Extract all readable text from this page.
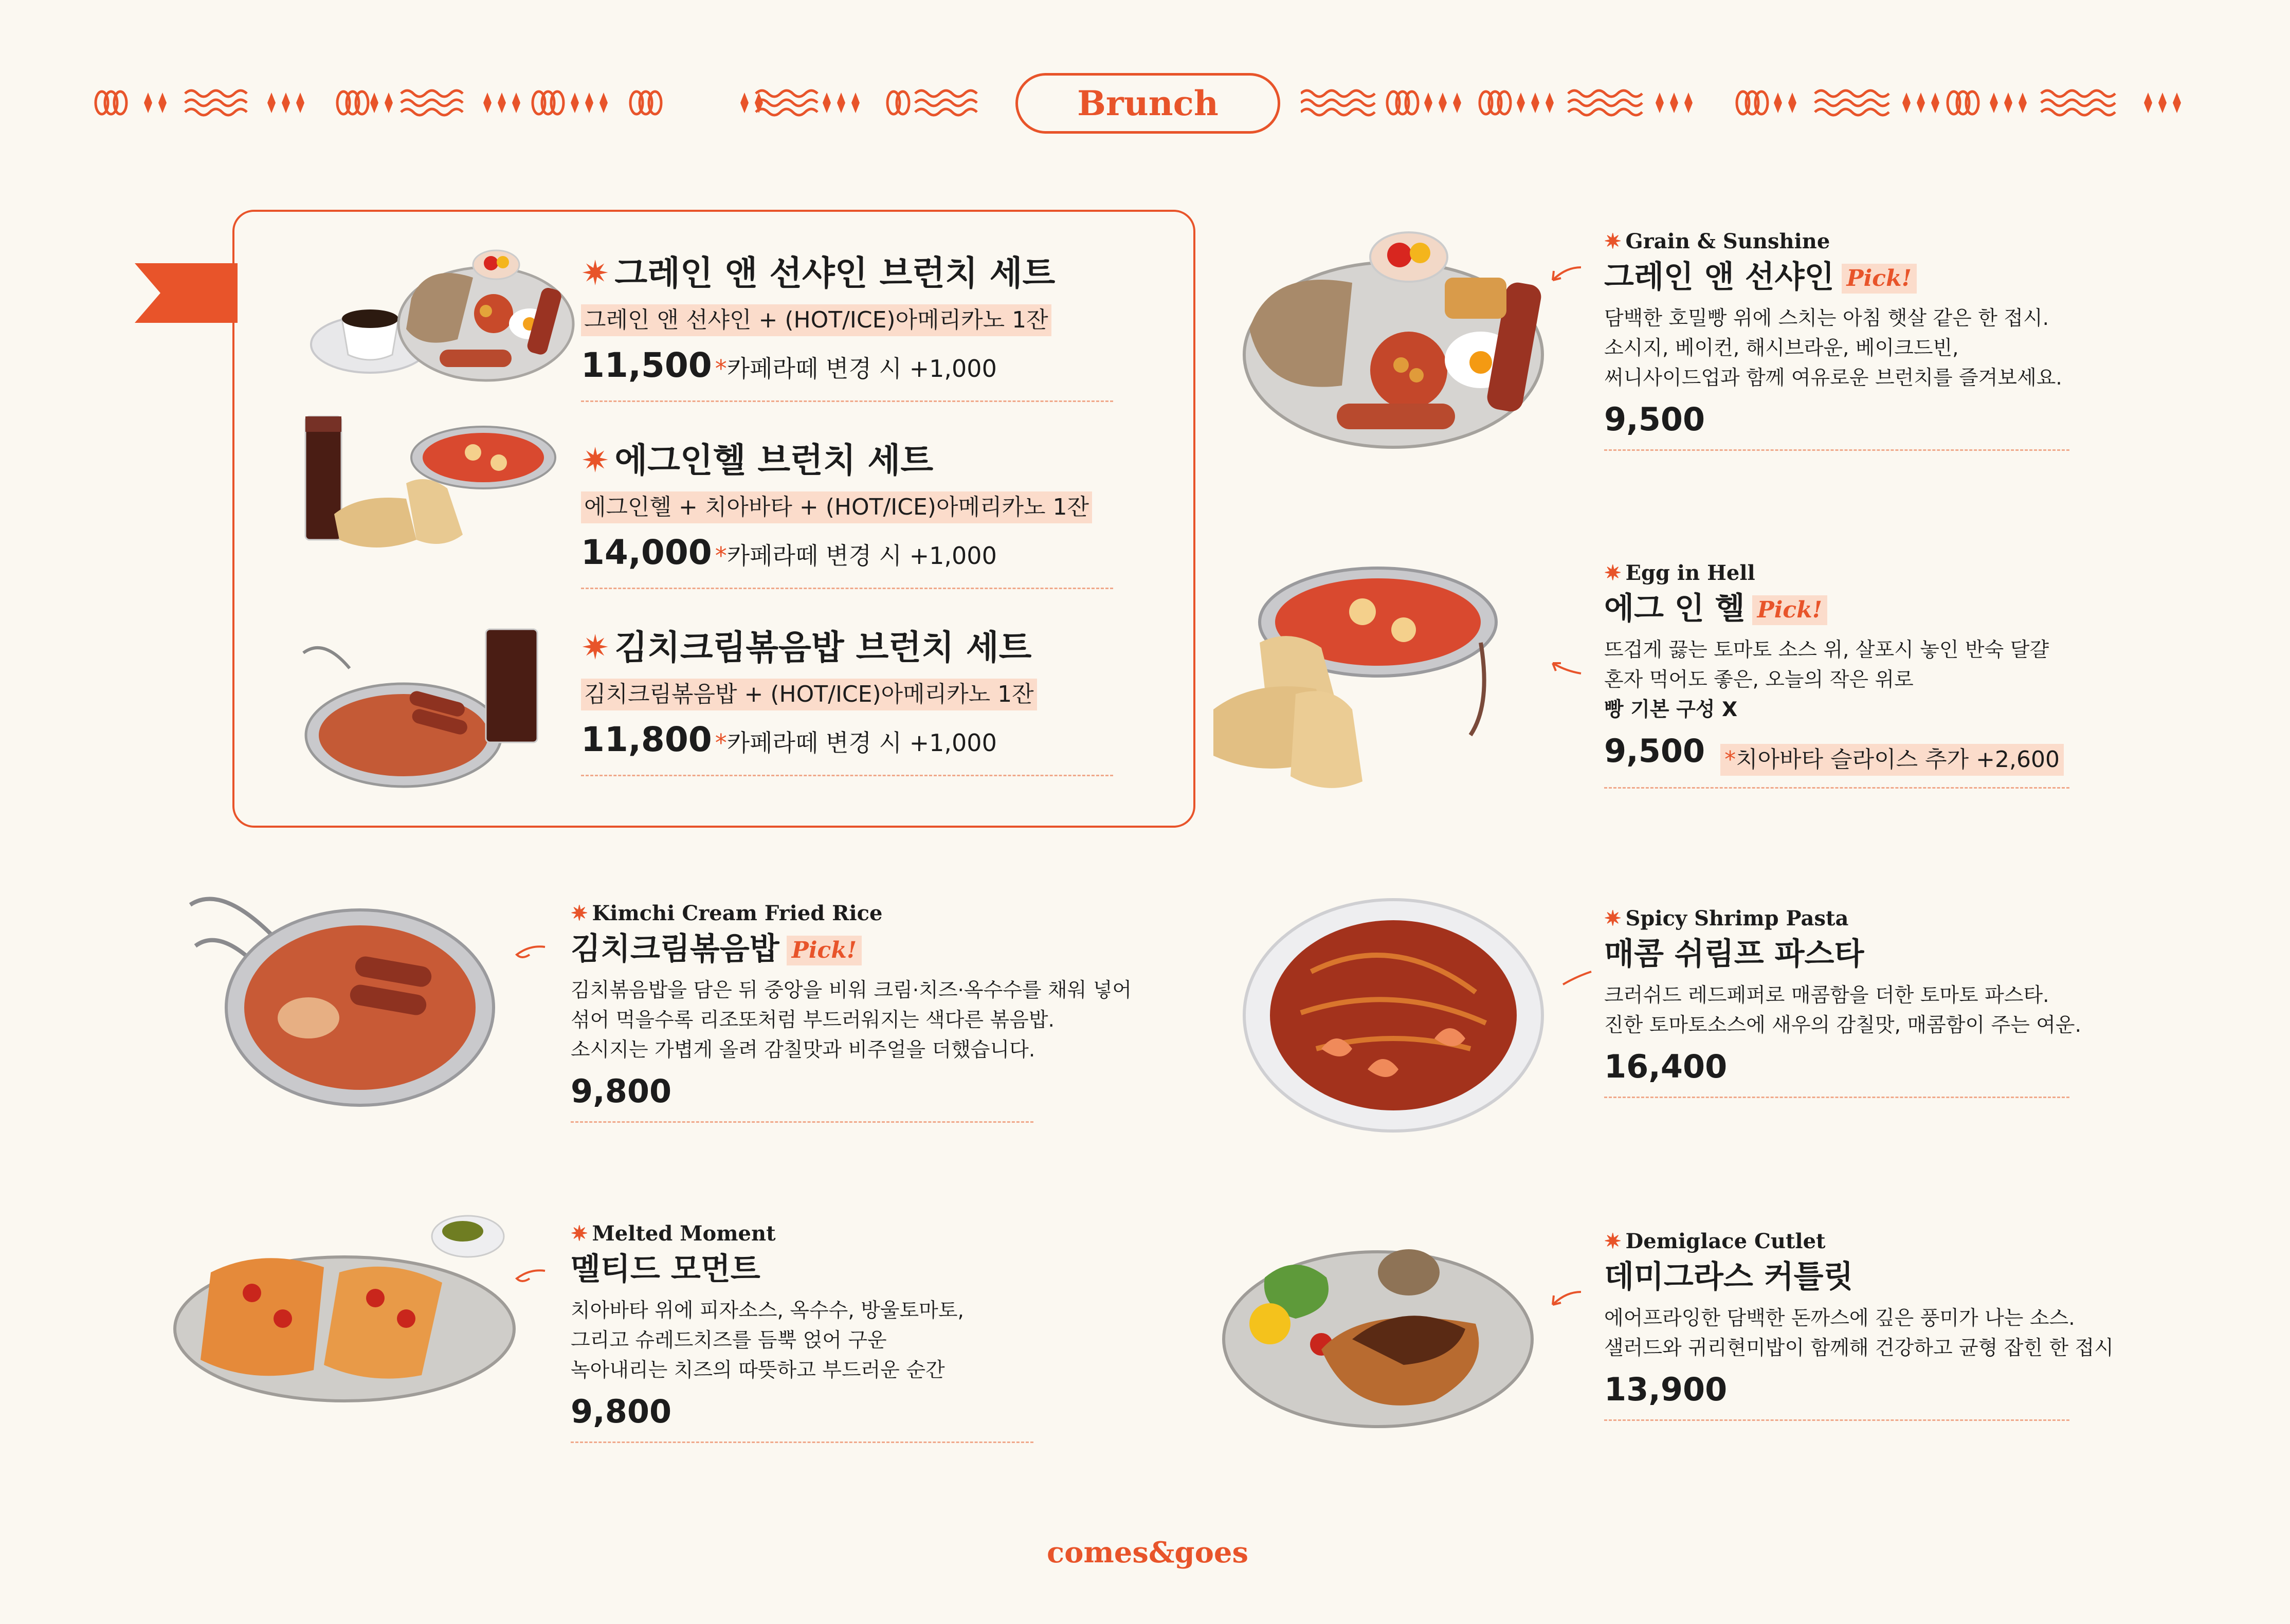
Brunch
✷ 그레인 앤 선샤인 브런치 세트
그레인 앤 선샤인 + (HOT/ICE)아메리카노 1잔
11,500 *카페라떼 변경 시 +1,000
✷ 에그인헬 브런치 세트
에그인헬 + 치아바타 + (HOT/ICE)아메리카노 1잔
14,000 *카페라떼 변경 시 +1,000
✷ 김치크림볶음밥 브런치 세트
김치크림볶음밥 + (HOT/ICE)아메리카노 1잔
11,800 *카페라떼 변경 시 +1,000
✷ Grain & Sunshine
그레인 앤 선샤인 Pick!
담백한 호밀빵 위에 스치는 아침 햇살 같은 한 접시.
소시지, 베이컨, 해시브라운, 베이크드빈,
써니사이드업과 함께 여유로운 브런치를 즐겨보세요.
9,500
✷ Egg in Hell
에그 인 헬 Pick!
뜨겁게 끓는 토마토 소스 위, 살포시 놓인 반숙 달걀
혼자 먹어도 좋은, 오늘의 작은 위로
빵 기본 구성 X
9,500 *치아바타 슬라이스 추가 +2,600
✷ Spicy Shrimp Pasta
매콤 쉬림프 파스타
크러쉬드 레드페퍼로 매콤함을 더한 토마토 파스타.
진한 토마토소스에 새우의 감칠맛, 매콤함이 주는 여운.
16,400
✷ Demiglace Cutlet
데미그라스 커틀릿
에어프라잉한 담백한 돈까스에 깊은 풍미가 나는 소스.
샐러드와 귀리현미밥이 함께해 건강하고 균형 잡힌 한 접시
13,900
✷ Kimchi Cream Fried Rice
김치크림볶음밥 Pick!
김치볶음밥을 담은 뒤 중앙을 비워 크림·치즈·옥수수를 채워 넣어
섞어 먹을수록 리조또처럼 부드러워지는 색다른 볶음밥.
소시지는 가볍게 올려 감칠맛과 비주얼을 더했습니다.
9,800
✷ Melted Moment
멜티드 모먼트
치아바타 위에 피자소스, 옥수수, 방울토마토,
그리고 슈레드치즈를 듬뿍 얹어 구운
녹아내리는 치즈의 따뜻하고 부드러운 순간
9,800
comes&goes
